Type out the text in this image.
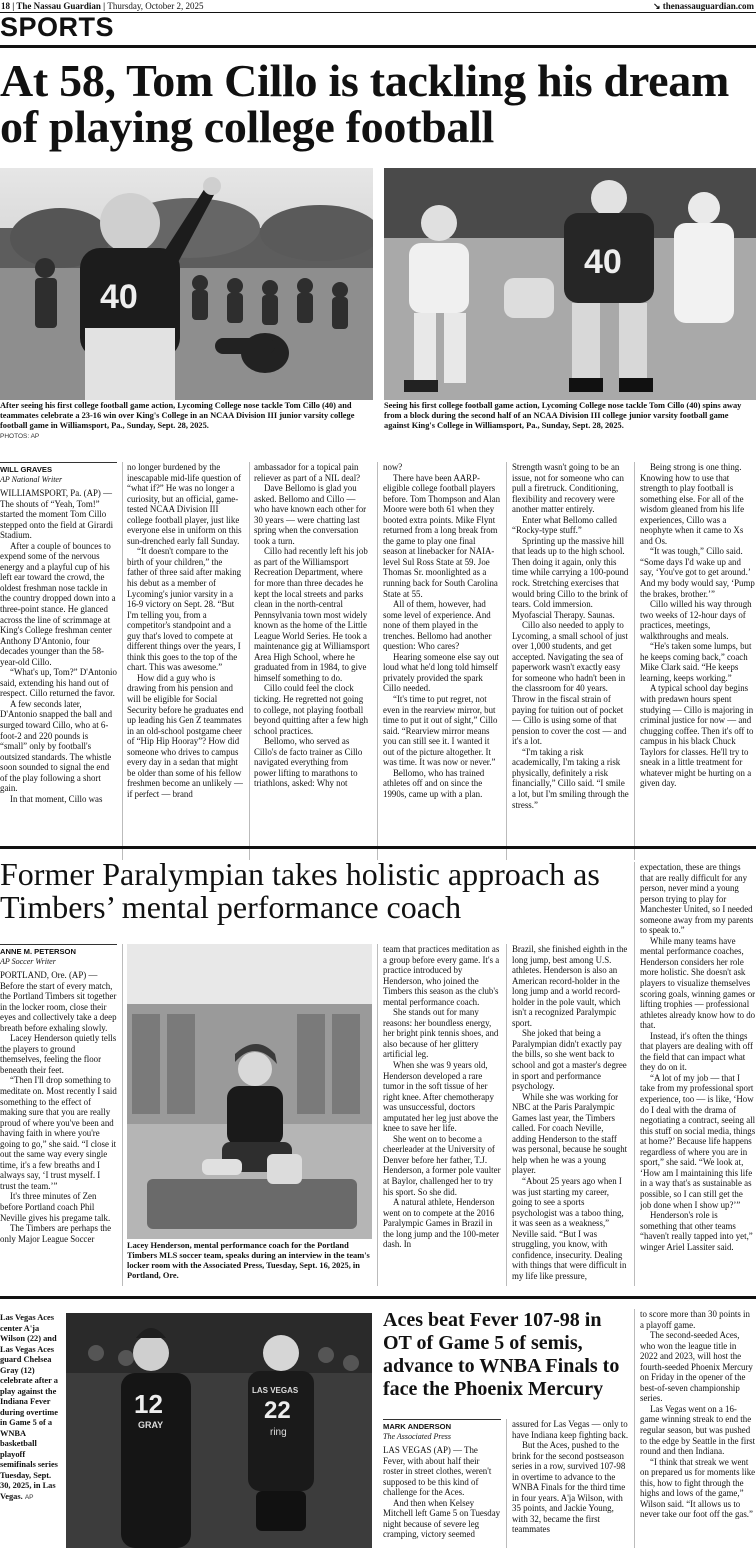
18 | The Nassau Guardian | Thursday, October 2, 2025	↘ thenassauguardian.com
SPORTS
At 58, Tom Cillo is tackling his dream of playing college football
40
40
After seeing his first college football game action, Lycoming College nose tackle Tom Cillo (40) and teammates celebrate a 23-16 win over King's College in an NCAA Division III junior varsity college football game in Williamsport, Pa., Sunday, Sept. 28, 2025.
PHOTOS: AP
Seeing his first college football game action, Lycoming College nose tackle Tom Cillo (40) spins away from a block during the second half of an NCAA Division III college junior varsity football game against King's College in Williamsport, Pa., Sunday, Sept. 28, 2025.
WILL GRAVES
AP National Writer

WILLIAMSPORT, Pa. (AP) — The shouts of “Yeah, Tom!” started the moment Tom Cillo stepped onto the field at Girardi Stadium.

After a couple of bounces to expend some of the nervous energy and a playful cup of his left ear toward the crowd, the oldest freshman nose tackle in the country dropped down into a three-point stance. He glanced across the line of scrimmage at King's College freshman center Anthony D'Antonio, four decades younger than the 58-year-old Cillo.

“What's up, Tom?” D'Antonio said, extending his hand out of respect. Cillo returned the favor.

A few seconds later, D'Antonio snapped the ball and surged toward Cillo, who at 6-foot-2 and 220 pounds is “small” only by football's outsized standards. The whistle soon sounded to signal the end of the play following a short gain.

In that moment, Cillo was

no longer burdened by the inescapable mid-life question of “what if?” He was no longer a curiosity, but an official, game-tested NCAA Division III college football player, just like everyone else in uniform on this sun-drenched early fall Sunday.

“It doesn't compare to the birth of your children,” the father of three said after making his debut as a member of Lycoming's junior varsity in a 16-9 victory on Sept. 28. “But I'm telling you, from a competitor's standpoint and a guy that's loved to compete at different things over the years, I think this goes to the top of the chart. This was awesome.”

How did a guy who is drawing from his pension and will be eligible for Social Security before he graduates end up leading his Gen Z teammates in an old-school postgame cheer of “Hip Hip Hooray”? How did someone who drives to campus every day in a sedan that might be older than some of his fellow freshmen become an unlikely — if perfect — brand

ambassador for a topical pain reliever as part of a NIL deal?

Dave Bellomo is glad you asked. Bellomo and Cillo — who have known each other for 30 years — were chatting last spring when the conversation took a turn.

Cillo had recently left his job as part of the Williamsport Recreation Department, where for more than three decades he kept the local streets and parks clean in the north-central Pennsylvania town most widely known as the home of the Little League World Series. He took a maintenance gig at Williamsport Area High School, where he graduated from in 1984, to give himself something to do.

Cillo could feel the clock ticking. He regretted not going to college, not playing football beyond quitting after a few high school practices.

Bellomo, who served as Cillo's de facto trainer as Cillo navigated everything from power lifting to marathons to triathlons, asked: Why not

now?

There have been AARP-eligible college football players before. Tom Thompson and Alan Moore were both 61 when they booted extra points. Mike Flynt returned from a long break from the game to play one final season at linebacker for NAIA-level Sul Ross State at 59. Joe Thomas Sr. moonlighted as a running back for South Carolina State at 55.

All of them, however, had some level of experience. And none of them played in the trenches. Bellomo had another question: Who cares?

Hearing someone else say out loud what he'd long told himself privately provided the spark Cillo needed.

“It's time to put regret, not even in the rearview mirror, but time to put it out of sight,” Cillo said. “Rearview mirror means you can still see it. I wanted it out of the picture altogether. It was time. It was now or never.”

Bellomo, who has trained athletes off and on since the 1990s, came up with a plan.

Strength wasn't going to be an issue, not for someone who can pull a firetruck. Conditioning, flexibility and recovery were another matter entirely.

Enter what Bellomo called “Rocky-type stuff.”

Sprinting up the massive hill that leads up to the high school. Then doing it again, only this time while carrying a 100-pound rock. Stretching exercises that would bring Cillo to the brink of tears. Cold immersion. Myofascial Therapy. Saunas.

Cillo also needed to apply to Lycoming, a small school of just over 1,000 students, and get accepted. Navigating the sea of paperwork wasn't exactly easy for someone who hadn't been in the classroom for 40 years. Throw in the fiscal strain of paying for tuition out of pocket — Cillo is using some of that pension to cover the cost — and it's a lot.

“I'm taking a risk academically, I'm taking a risk physically, definitely a risk financially,” Cillo said. “I smile a lot, but I'm smiling through the stress.”

Being strong is one thing. Knowing how to use that strength to play football is something else. For all of the wisdom gleaned from his life experiences, Cillo was a neophyte when it came to Xs and Os.

“It was tough,” Cillo said. “Some days I'd wake up and say, ‘You've got to get around.’ And my body would say, ‘Pump the brakes, brother.’”

Cillo willed his way through two weeks of 12-hour days of practices, meetings, walkthroughs and meals.

“He's taken some lumps, but he keeps coming back,” coach Mike Clark said. “He keeps learning, keeps working.”

A typical school day begins with predawn hours spent studying — Cillo is majoring in criminal justice for now — and chugging coffee. Then it's off to campus in his black Chuck Taylors for classes. He'll try to sneak in a little treatment for whatever might be hurting on a given day.

Former Paralympian takes holistic approach as Timbers’ mental performance coach
ANNE M. PETERSON
AP Soccer Writer

PORTLAND, Ore. (AP) — Before the start of every match, the Portland Timbers sit together in the locker room, close their eyes and collectively take a deep breath before exhaling slowly.

Lacey Henderson quietly tells the players to ground themselves, feeling the floor beneath their feet.

“Then I'll drop something to meditate on. Most recently I said something to the effect of making sure that you are really proud of where you've been and having faith in where you're going to go,” she said. “I close it out the same way every single time, it's a few breaths and I always say, ‘I trust myself. I trust the team.’”

It's three minutes of Zen before Portland coach Phil Neville gives his pregame talk.

The Timbers are perhaps the only Major League Soccer

Lacey Henderson, mental performance coach for the Portland Timbers MLS soccer team, speaks during an interview in the team's locker room with the Associated Press, Tuesday, Sept. 16, 2025, in Portland, Ore.

team that practices meditation as a group before every game. It's a practice introduced by Henderson, who joined the Timbers this season as the club's mental performance coach.

She stands out for many reasons: her boundless energy, her bright pink tennis shoes, and also because of her glittery artificial leg.

When she was 9 years old, Henderson developed a rare tumor in the soft tissue of her right knee. After chemotherapy was unsuccessful, doctors amputated her leg just above the knee to save her life.

She went on to become a cheerleader at the University of Denver before her father, T.J. Henderson, a former pole vaulter at Baylor, challenged her to try his sport. So she did.

A natural athlete, Henderson went on to compete at the 2016 Paralympic Games in Brazil in the long jump and the 100-meter dash. In

Brazil, she finished eighth in the long jump, best among U.S. athletes. Henderson is also an American record-holder in the long jump and a world record-holder in the pole vault, which isn't a recognized Paralympic sport.

She joked that being a Paralympian didn't exactly pay the bills, so she went back to school and got a master's degree in sport and performance psychology.

While she was working for NBC at the Paris Paralympic Games last year, the Timbers called. For coach Neville, adding Henderson to the staff was personal, because he sought help when he was a young player.

“About 25 years ago when I was just starting my career, going to see a sports psychologist was a taboo thing, it was seen as a weakness,” Neville said. “But I was struggling, you know, with confidence, insecurity. Dealing with things that were difficult in my life like pressure,

expectation, these are things that are really difficult for any person, never mind a young person trying to play for Manchester United, so I needed someone away from my parents to speak to.”

While many teams have mental performance coaches, Henderson considers her role more holistic. She doesn't ask players to visualize themselves scoring goals, winning games or lifting trophies — professional athletes already know how to do that.

Instead, it's often the things that players are dealing with off the field that can impact what they do on it.

“A lot of my job — that I take from my professional sport experience, too — is like, ‘How do I deal with the drama of negotiating a contract, seeing all this stuff on social media, things at home?’ Because life happens regardless of where you are in sport,” she said. “We look at, ‘How am I maintaining this life in a way that's as sustainable as possible, so I can still get the job done when I show up?’”

Henderson's role is something that other teams “haven't really tapped into yet,” winger Ariel Lassiter said.

Las Vegas Aces center A'ja Wilson (22) and Las Vegas Aces guard Chelsea Gray (12) celebrate after a play against the Indiana Fever during overtime in Game 5 of a WNBA basketball playoff semifinals series Tuesday, Sept. 30, 2025, in Las Vegas. AP
12
GRAY
LAS VEGAS
22
ring
Aces beat Fever 107-98 in OT of Game 5 of semis, advance to WNBA Finals to face the Phoenix Mercury
MARK ANDERSON
The Associated Press

LAS VEGAS (AP) — The Fever, with about half their roster in street clothes, weren't supposed to be this kind of challenge for the Aces.

And then when Kelsey Mitchell left Game 5 on Tuesday night because of severe leg cramping, victory seemed

assured for Las Vegas — only to have Indiana keep fighting back.

But the Aces, pushed to the brink for the second postseason series in a row, survived 107-98 in overtime to advance to the WNBA Finals for the third time in four years. A'ja Wilson, with 35 points, and Jackie Young, with 32, became the first teammates

to score more than 30 points in a playoff game.

The second-seeded Aces, who won the league title in 2022 and 2023, will host the fourth-seeded Phoenix Mercury on Friday in the opener of the best-of-seven championship series.

Las Vegas went on a 16-game winning streak to end the regular season, but was pushed to the edge by Seattle in the first round and then Indiana.

“I think that streak we went on prepared us for moments like this, how to fight through the highs and lows of the game,” Wilson said. “It allows us to never take our foot off the gas.”
